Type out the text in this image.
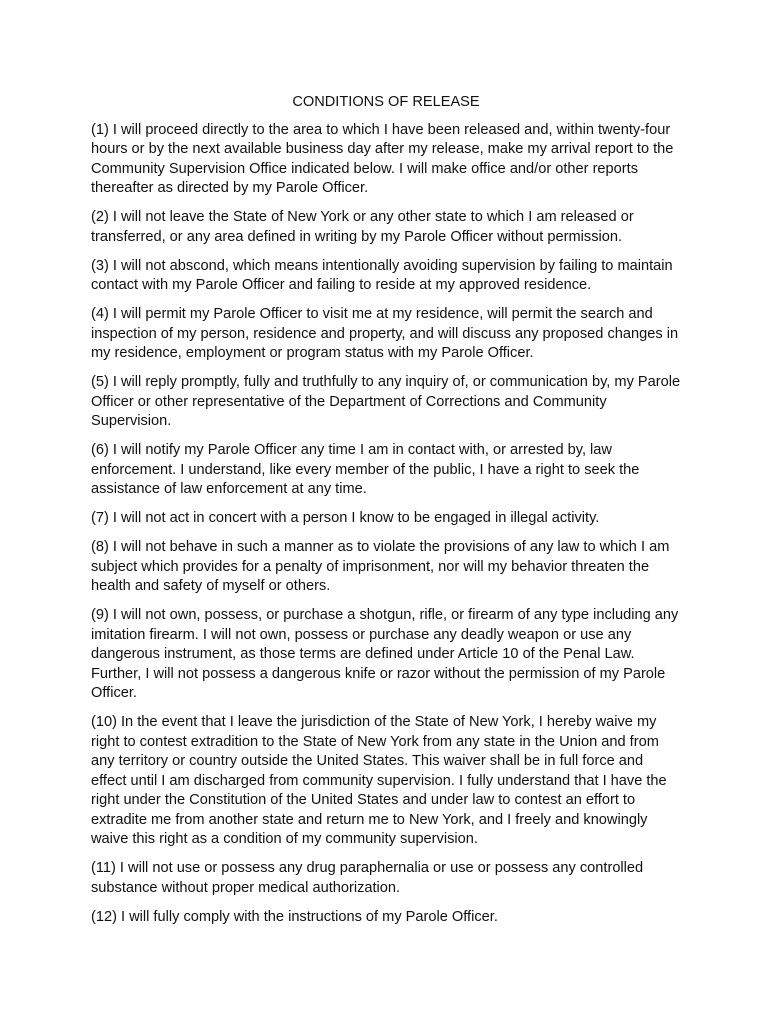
CONDITIONS OF RELEASE

(1) I will proceed directly to the area to which I have been released and, within twenty-four hours or by the next available business day after my release, make my arrival report to the Community Supervision Office indicated below. I will make office and/or other reports thereafter as directed by my Parole Officer.

(2) I will not leave the State of New York or any other state to which I am released or transferred, or any area defined in writing by my Parole Officer without permission.

(3) I will not abscond, which means intentionally avoiding supervision by failing to maintain contact with my Parole Officer and failing to reside at my approved residence.

(4) I will permit my Parole Officer to visit me at my residence, will permit the search and inspection of my person, residence and property, and will discuss any proposed changes in my residence, employment or program status with my Parole Officer.

(5) I will reply promptly, fully and truthfully to any inquiry of, or communication by, my Parole Officer or other representative of the Department of Corrections and Community Supervision.

(6) I will notify my Parole Officer any time I am in contact with, or arrested by, law enforcement. I understand, like every member of the public, I have a right to seek the assistance of law enforcement at any time.

(7) I will not act in concert with a person I know to be engaged in illegal activity.

(8) I will not behave in such a manner as to violate the provisions of any law to which I am subject which provides for a penalty of imprisonment, nor will my behavior threaten the health and safety of myself or others.

(9) I will not own, possess, or purchase a shotgun, rifle, or firearm of any type including any imitation firearm. I will not own, possess or purchase any deadly weapon or use any dangerous instrument, as those terms are defined under Article 10 of the Penal Law. Further, I will not possess a dangerous knife or razor without the permission of my Parole Officer.

(10) In the event that I leave the jurisdiction of the State of New York, I hereby waive my right to contest extradition to the State of New York from any state in the Union and from any territory or country outside the United States. This waiver shall be in full force and effect until I am discharged from community supervision. I fully understand that I have the right under the Constitution of the United States and under law to contest an effort to extradite me from another state and return me to New York, and I freely and knowingly waive this right as a condition of my community supervision.

(11) I will not use or possess any drug paraphernalia or use or possess any controlled substance without proper medical authorization.

(12) I will fully comply with the instructions of my Parole Officer.
